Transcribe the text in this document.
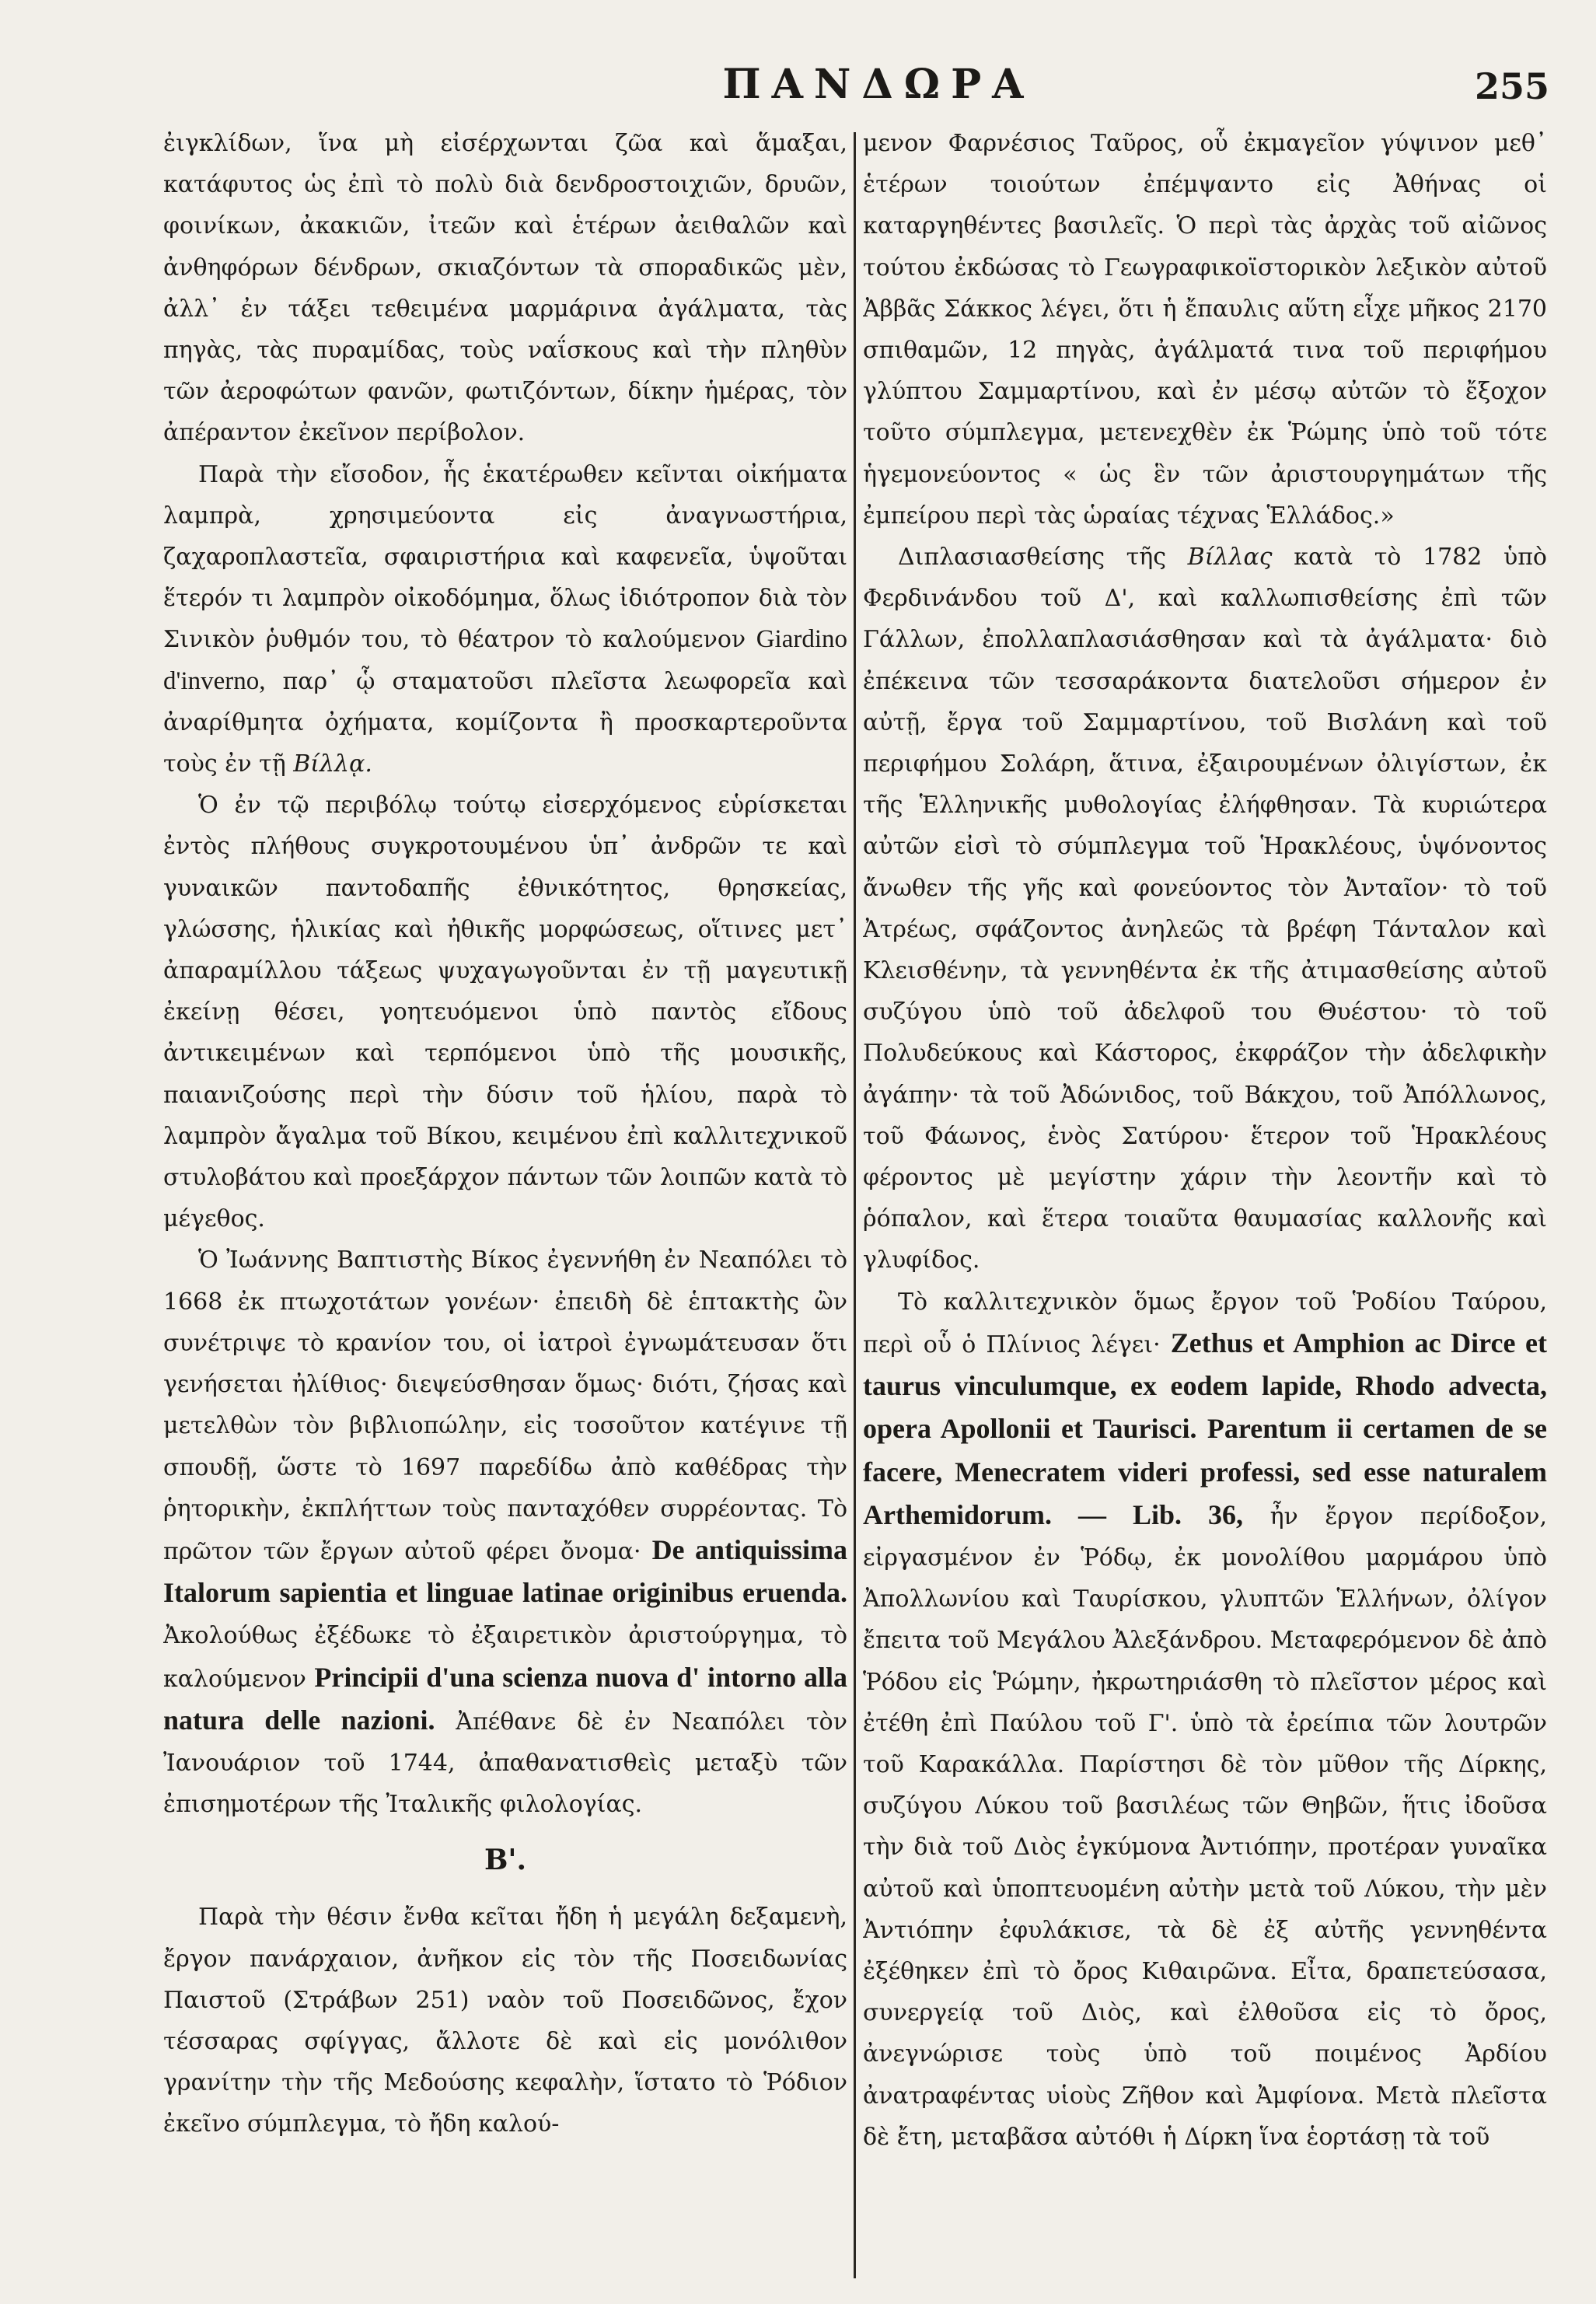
ΠΑΝΔΩΡΑ	255

ἐιγκλίδων, ἵνα μὴ εἰσέρχωνται ζῶα καὶ ἅμαξαι, κατάφυτος ὡς ἐπὶ τὸ πολὺ διὰ δενδροστοιχιῶν, δρυῶν, φοινίκων, ἀκακιῶν, ἰτεῶν καὶ ἑτέρων ἀειθαλῶν καὶ ἀνθηφόρων δένδρων, σκιαζόντων τὰ σποραδικῶς μὲν, ἀλλ᾽ ἐν τάξει τεθειμένα μαρμάρινα ἀγάλματα, τὰς πηγὰς, τὰς πυραμίδας, τοὺς ναΐσκους καὶ τὴν πληθὺν τῶν ἀεροφώτων φανῶν, φωτιζόντων, δίκην ἡμέρας, τὸν ἀπέραντον ἐκεῖνον περίβολον.

Παρὰ τὴν εἴσοδον, ἧς ἑκατέρωθεν κεῖνται οἰκήματα λαμπρὰ, χρησιμεύοντα εἰς ἀναγνωστήρια, ζαχαροπλαστεῖα, σφαιριστήρια καὶ καφενεῖα, ὑψοῦται ἕτερόν τι λαμπρὸν οἰκοδόμημα, ὅλως ἰδιότροπον διὰ τὸν Σινικὸν ῥυθμόν του, τὸ θέατρον τὸ καλούμενον Giardino d'inverno, παρ᾽ ᾧ σταματοῦσι πλεῖστα λεωφορεῖα καὶ ἀναρίθμητα ὀχήματα, κομίζοντα ἢ προσκαρτεροῦντα τοὺς ἐν τῇ Βίλλᾳ.

Ὁ ἐν τῷ περιβόλῳ τούτῳ εἰσερχόμενος εὑρίσκεται ἐντὸς πλήθους συγκροτουμένου ὑπ᾽ ἀνδρῶν τε καὶ γυναικῶν παντοδαπῆς ἐθνικότητος, θρησκείας, γλώσσης, ἡλικίας καὶ ἠθικῆς μορφώσεως, οἵτινες μετ᾽ ἀπαραμίλλου τάξεως ψυχαγωγοῦνται ἐν τῇ μαγευτικῇ ἐκείνῃ θέσει, γοητευόμενοι ὑπὸ παντὸς εἴδους ἀντικειμένων καὶ τερπόμενοι ὑπὸ τῆς μουσικῆς, παιανιζούσης περὶ τὴν δύσιν τοῦ ἡλίου, παρὰ τὸ λαμπρὸν ἄγαλμα τοῦ Βίκου, κειμένου ἐπὶ καλλιτεχνικοῦ στυλοβάτου καὶ προεξάρχον πάντων τῶν λοιπῶν κατὰ τὸ μέγεθος.

Ὁ Ἰωάννης Βαπτιστὴς Βίκος ἐγεννήθη ἐν Νεαπόλει τὸ 1668 ἐκ πτωχοτάτων γονέων· ἐπειδὴ δὲ ἑπτακτὴς ὢν συνέτριψε τὸ κρανίον του, οἱ ἰατροὶ ἐγνωμάτευσαν ὅτι γενήσεται ἠλίθιος· διεψεύσθησαν ὅμως· διότι, ζήσας καὶ μετελθὼν τὸν βιβλιοπώλην, εἰς τοσοῦτον κατέγινε τῇ σπουδῇ, ὥστε τὸ 1697 παρεδίδω ἀπὸ καθέδρας τὴν ῥητορικὴν, ἐκπλήττων τοὺς πανταχόθεν συρρέοντας. Τὸ πρῶτον τῶν ἔργων αὐτοῦ φέρει ὄνομα· De antiquissima Italorum sapientia et linguae latinae originibus eruenda. Ἀκολούθως ἐξέδωκε τὸ ἐξαιρετικὸν ἀριστούργημα, τὸ καλούμενον Principii d'una scienza nuova d' intorno alla natura delle nazioni. Ἀπέθανε δὲ ἐν Νεαπόλει τὸν Ἰανουάριον τοῦ 1744, ἀπαθανατισθεὶς μεταξὺ τῶν ἐπισημοτέρων τῆς Ἰταλικῆς φιλολογίας.

Β'.

Παρὰ τὴν θέσιν ἔνθα κεῖται ἤδη ἡ μεγάλη δεξαμενὴ, ἔργον πανάρχαιον, ἀνῆκον εἰς τὸν τῆς Ποσειδωνίας Παιστοῦ (Στράβων 251) ναὸν τοῦ Ποσειδῶνος, ἔχον τέσσαρας σφίγγας, ἄλλοτε δὲ καὶ εἰς μονόλιθον γρανίτην τὴν τῆς Μεδούσης κεφαλὴν, ἵστατο τὸ Ῥόδιον ἐκεῖνο σύμπλεγμα, τὸ ἤδη καλού-

μενον Φαρνέσιος Ταῦρος, οὗ ἐκμαγεῖον γύψινον μεθ᾽ ἑτέρων τοιούτων ἐπέμψαντο εἰς Ἀθήνας οἱ καταργηθέντες βασιλεῖς. Ὁ περὶ τὰς ἀρχὰς τοῦ αἰῶνος τούτου ἐκδώσας τὸ Γεωγραφικοϊστορικὸν λεξικὸν αὐτοῦ Ἀββᾶς Σάκκος λέγει, ὅτι ἡ ἔπαυλις αὕτη εἶχε μῆκος 2170 σπιθαμῶν, 12 πηγὰς, ἀγάλματά τινα τοῦ περιφήμου γλύπτου Σαμμαρτίνου, καὶ ἐν μέσῳ αὐτῶν τὸ ἔξοχον τοῦτο σύμπλεγμα, μετενεχθὲν ἐκ Ῥώμης ὑπὸ τοῦ τότε ἡγεμονεύοντος « ὡς ἓν τῶν ἀριστουργημάτων τῆς ἐμπείρου περὶ τὰς ὡραίας τέχνας Ἑλλάδος.»

Διπλασιασθείσης τῆς Βίλλας κατὰ τὸ 1782 ὑπὸ Φερδινάνδου τοῦ Δ', καὶ καλλωπισθείσης ἐπὶ τῶν Γάλλων, ἐπολλαπλασιάσθησαν καὶ τὰ ἀγάλματα· διὸ ἐπέκεινα τῶν τεσσαράκοντα διατελοῦσι σήμερον ἐν αὐτῇ, ἔργα τοῦ Σαμμαρτίνου, τοῦ Βισλάνη καὶ τοῦ περιφήμου Σολάρη, ἅτινα, ἐξαιρουμένων ὀλιγίστων, ἐκ τῆς Ἑλληνικῆς μυθολογίας ἐλήφθησαν. Τὰ κυριώτερα αὐτῶν εἰσὶ τὸ σύμπλεγμα τοῦ Ἡρακλέους, ὑψόνοντος ἄνωθεν τῆς γῆς καὶ φονεύοντος τὸν Ἀνταῖον· τὸ τοῦ Ἀτρέως, σφάζοντος ἀνηλεῶς τὰ βρέφη Τάνταλον καὶ Κλεισθένην, τὰ γεννηθέντα ἐκ τῆς ἀτιμασθείσης αὐτοῦ συζύγου ὑπὸ τοῦ ἀδελφοῦ του Θυέστου· τὸ τοῦ Πολυδεύκους καὶ Κάστορος, ἐκφράζον τὴν ἀδελφικὴν ἀγάπην· τὰ τοῦ Ἀδώνιδος, τοῦ Βάκχου, τοῦ Ἀπόλλωνος, τοῦ Φάωνος, ἑνὸς Σατύρου· ἕτερον τοῦ Ἡρακλέους φέροντος μὲ μεγίστην χάριν τὴν λεοντῆν καὶ τὸ ῥόπαλον, καὶ ἕτερα τοιαῦτα θαυμασίας καλλονῆς καὶ γλυφίδος.

Τὸ καλλιτεχνικὸν ὅμως ἔργον τοῦ Ῥοδίου Ταύρου, περὶ οὗ ὁ Πλίνιος λέγει· Zethus et Amphion ac Dirce et taurus vinculumque, ex eodem lapide, Rhodo advecta, opera Apollonii et Taurisci. Parentum ii certamen de se facere, Menecratem videri professi, sed esse naturalem Arthemidorum. — Lib. 36, ἦν ἔργον περίδοξον, εἰργασμένον ἐν Ῥόδῳ, ἐκ μονολίθου μαρμάρου ὑπὸ Ἀπολλωνίου καὶ Ταυρίσκου, γλυπτῶν Ἑλλήνων, ὀλίγον ἔπειτα τοῦ Μεγάλου Ἀλεξάνδρου. Μεταφερόμενον δὲ ἀπὸ Ῥόδου εἰς Ῥώμην, ἠκρωτηριάσθη τὸ πλεῖστον μέρος καὶ ἐτέθη ἐπὶ Παύλου τοῦ Γ'. ὑπὸ τὰ ἐρείπια τῶν λουτρῶν τοῦ Καρακάλλα. Παρίστησι δὲ τὸν μῦθον τῆς Δίρκης, συζύγου Λύκου τοῦ βασιλέως τῶν Θηβῶν, ἥτις ἰδοῦσα τὴν διὰ τοῦ Διὸς ἐγκύμονα Ἀντιόπην, προτέραν γυναῖκα αὐτοῦ καὶ ὑποπτευομένη αὐτὴν μετὰ τοῦ Λύκου, τὴν μὲν Ἀντιόπην ἐφυλάκισε, τὰ δὲ ἐξ αὐτῆς γεννηθέντα ἐξέθηκεν ἐπὶ τὸ ὄρος Κιθαιρῶνα. Εἶτα, δραπετεύσασα, συνεργείᾳ τοῦ Διὸς, καὶ ἐλθοῦσα εἰς τὸ ὄρος, ἀνεγνώρισε τοὺς ὑπὸ τοῦ ποιμένος Ἀρδίου ἀνατραφέντας υἱοὺς Ζῆθον καὶ Ἀμφίονα. Μετὰ πλεῖστα δὲ ἔτη, μεταβᾶσα αὐτόθι ἡ Δίρκη ἵνα ἑορτάσῃ τὰ τοῦ
